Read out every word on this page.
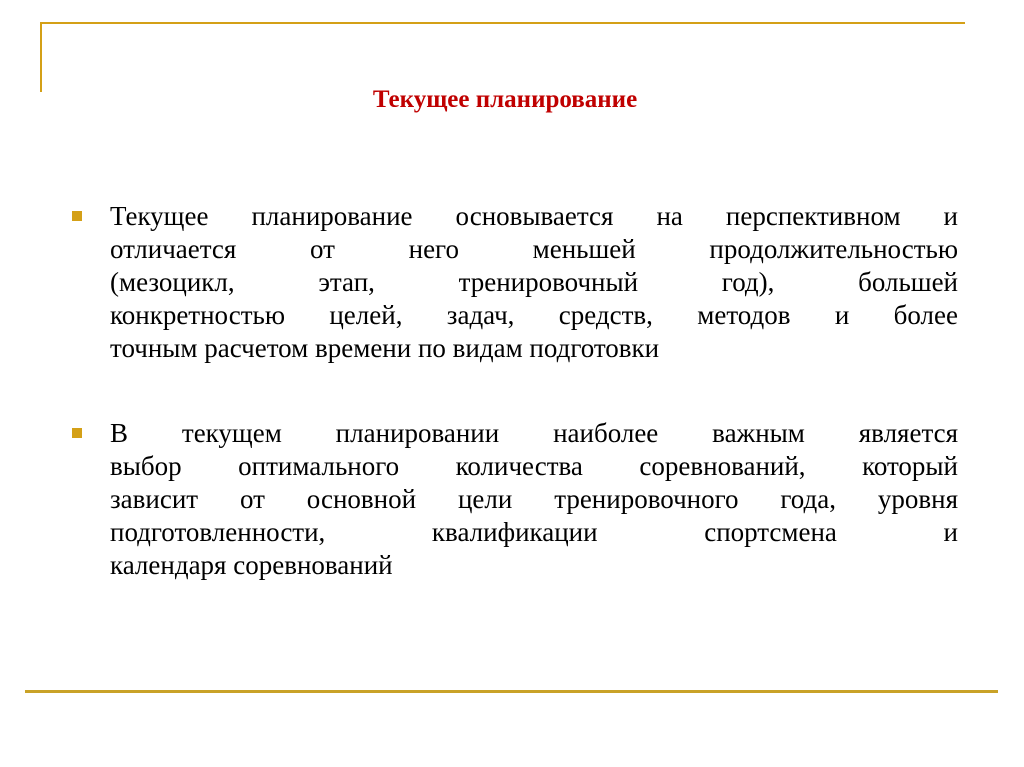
Текущее планирование
Текущее планирование основывается на перспективном и
отличается от него меньшей продолжительностью
(мезоцикл, этап, тренировочный год), большей
конкретностью целей, задач, средств, методов и более
точным расчетом времени по видам подготовки
В текущем планировании наиболее важным является
выбор оптимального количества соревнований, который
зависит от основной цели тренировочного года, уровня
подготовленности, квалификации спортсмена и
календаря соревнований
